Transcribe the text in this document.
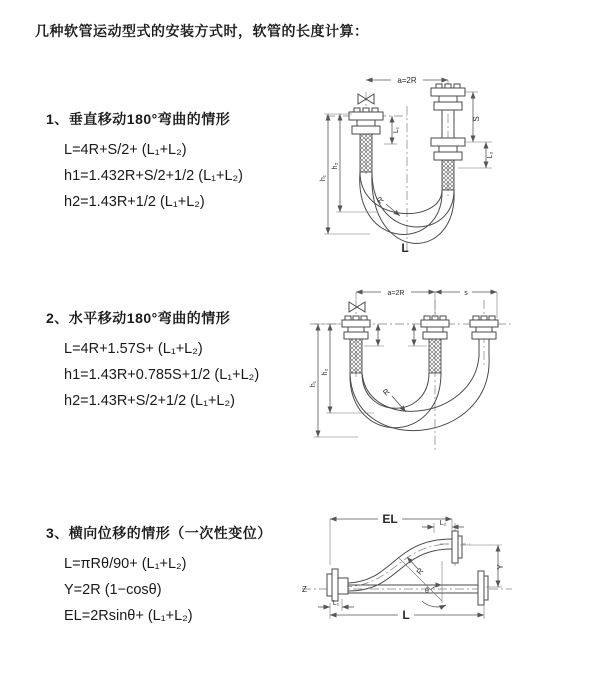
几种软管运动型式的安装方式时，软管的长度计算：
1、垂直移动180°弯曲的情形
L=4R+S/2+ (L₁+L₂)
h1=1.432R+S/2+1/2 (L₁+L₂)
h2=1.43R+1/2 (L₁+L₂)
2、水平移动180°弯曲的情形
L=4R+1.57S+ (L₁+L₂)
h1=1.43R+0.785S+1/2 (L₁+L₂)
h2=1.43R+S/2+1/2 (L₁+L₂)
3、横向位移的情形（一次性变位）
L=πRθ/90+ (L₁+L₂)
Y=2R (1−cosθ)
EL=2Rsinθ+ (L₁+L₂)
a=2R
S
L₂
L₁
h₁
h₂
R
L
a=2R	s
h₁
h₂
R
θ
EL	L₂
Y
L
L₁
R
Z
